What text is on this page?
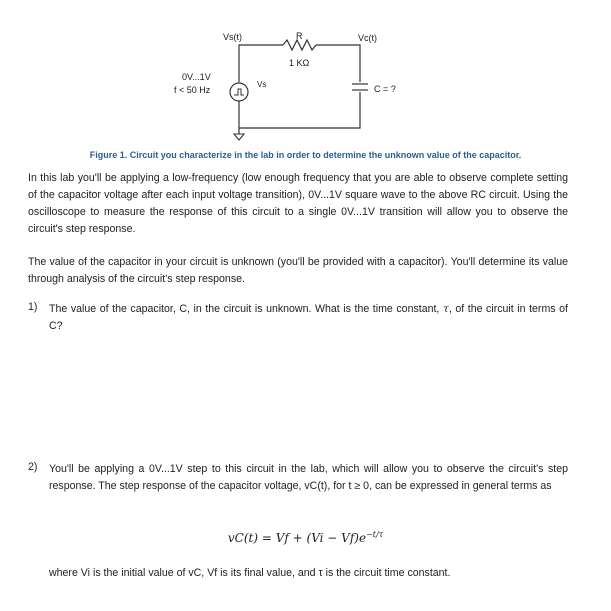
Vs(t)	R
1 KΩ
Vc(t)
0V...1V
f < 50 Hz
Vs	C = ?
Figure 1. Circuit you characterize in the lab in order to determine the unknown value of the capacitor.
In this lab you'll be applying a low-frequency (low enough frequency that you are able to observe complete setting of the capacitor voltage after each input voltage transition), 0V...1V square wave to the above RC circuit. Using the oscilloscope to measure the response of this circuit to a single 0V...1V transition will allow you to observe the circuit's step response.
The value of the capacitor in your circuit is unknown (you'll be provided with a capacitor). You'll determine its value through analysis of the circuit's step response.
1) The value of the capacitor, C, in the circuit is unknown. What is the time constant, τ, of the circuit in terms of C?
2) You'll be applying a 0V...1V step to this circuit in the lab, which will allow you to observe the circuit's step response. The step response of the capacitor voltage, vC(t), for t ≥ 0, can be expressed in general terms as
$vC(t) = Vf + (Vi - Vf)e^{-t/\tau}$
where Vi is the initial value of vC, Vf is its final value, and τ is the circuit time constant.
